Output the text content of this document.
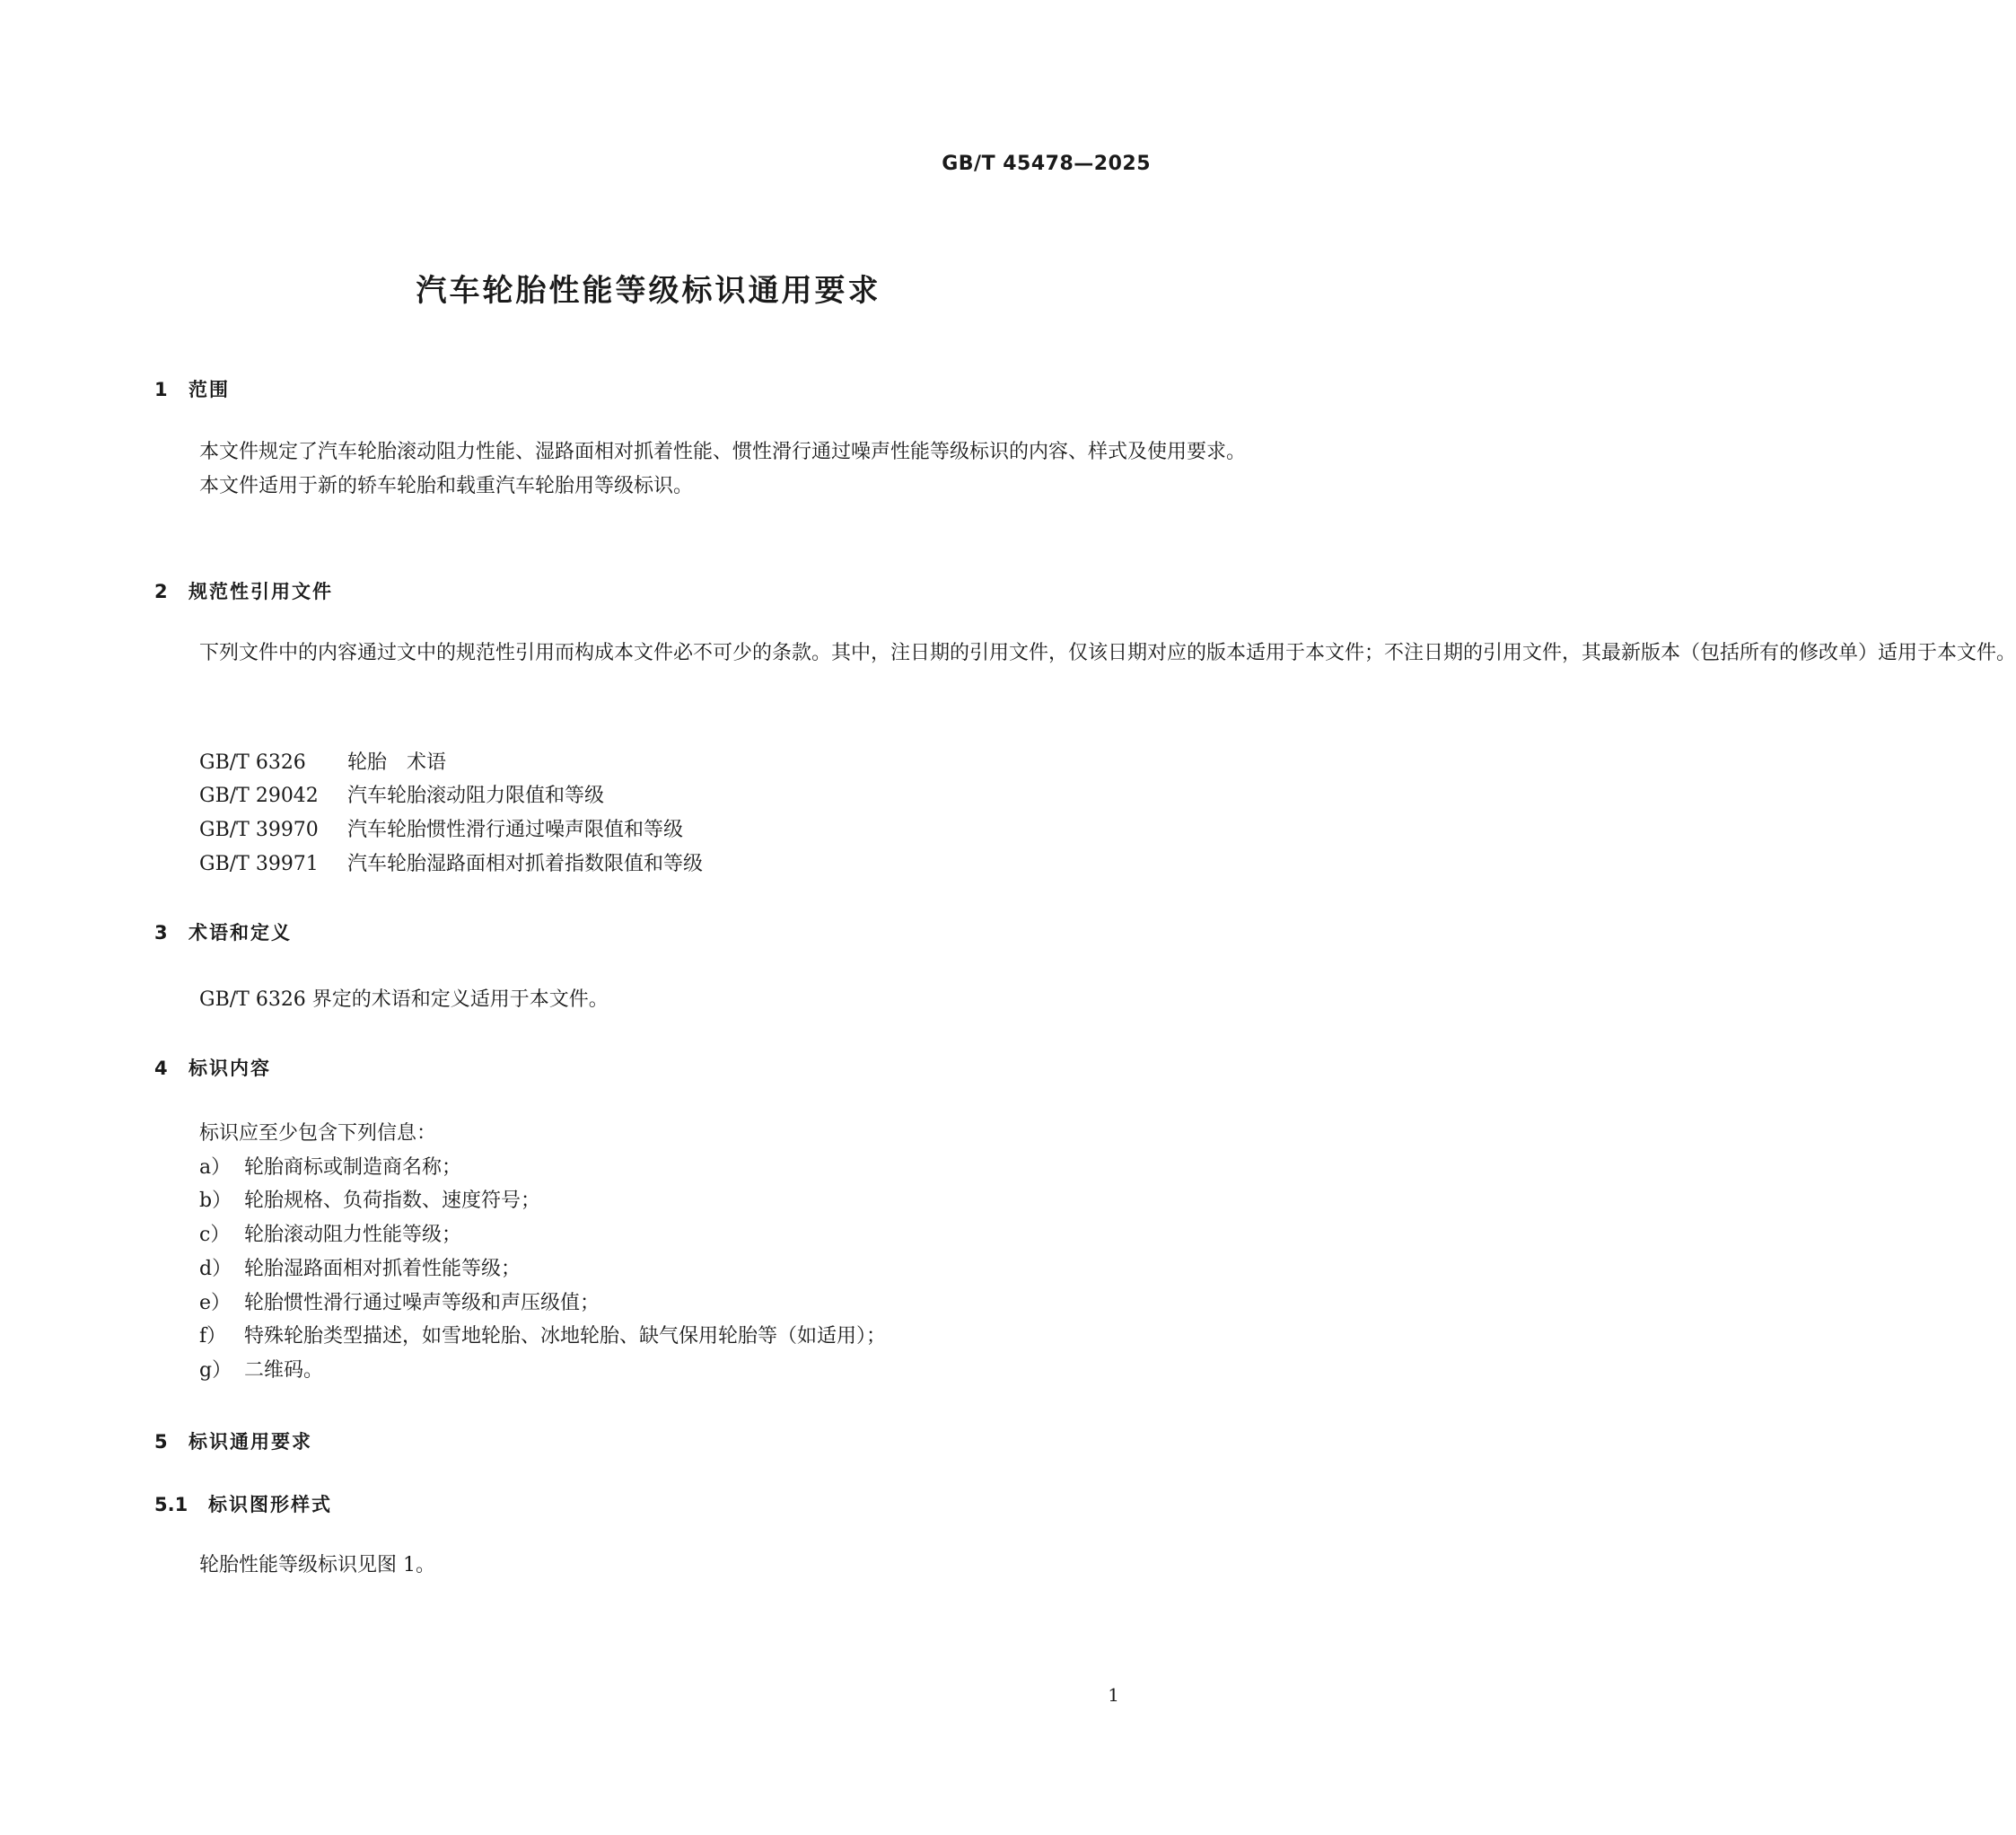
GB/T 45478—2025
汽车轮胎性能等级标识通用要求
1 范围

本文件规定了汽车轮胎滚动阻力性能、湿路面相对抓着性能、惯性滑行通过噪声性能等级标识的内容、样式及使用要求。

本文件适用于新的轿车轮胎和载重汽车轮胎用等级标识。

2 规范性引用文件

下列文件中的内容通过文中的规范性引用而构成本文件必不可少的条款。其中，注日期的引用文件，仅该日期对应的版本适用于本文件；不注日期的引用文件，其最新版本（包括所有的修改单）适用于本文件。

GB/T 6326 轮胎　术语
GB/T 29042 汽车轮胎滚动阻力限值和等级
GB/T 39970 汽车轮胎惯性滑行通过噪声限值和等级
GB/T 39971 汽车轮胎湿路面相对抓着指数限值和等级
3 术语和定义
GB/T 6326 界定的术语和定义适用于本文件。
4 标识内容
标识应至少包含下列信息：
a） 轮胎商标或制造商名称；
b） 轮胎规格、负荷指数、速度符号；
c） 轮胎滚动阻力性能等级；
d） 轮胎湿路面相对抓着性能等级；
e） 轮胎惯性滑行通过噪声等级和声压级值；
f） 特殊轮胎类型描述，如雪地轮胎、冰地轮胎、缺气保用轮胎等（如适用）；
g） 二维码。
5 标识通用要求
5.1 标识图形样式
轮胎性能等级标识见图 1。
1
